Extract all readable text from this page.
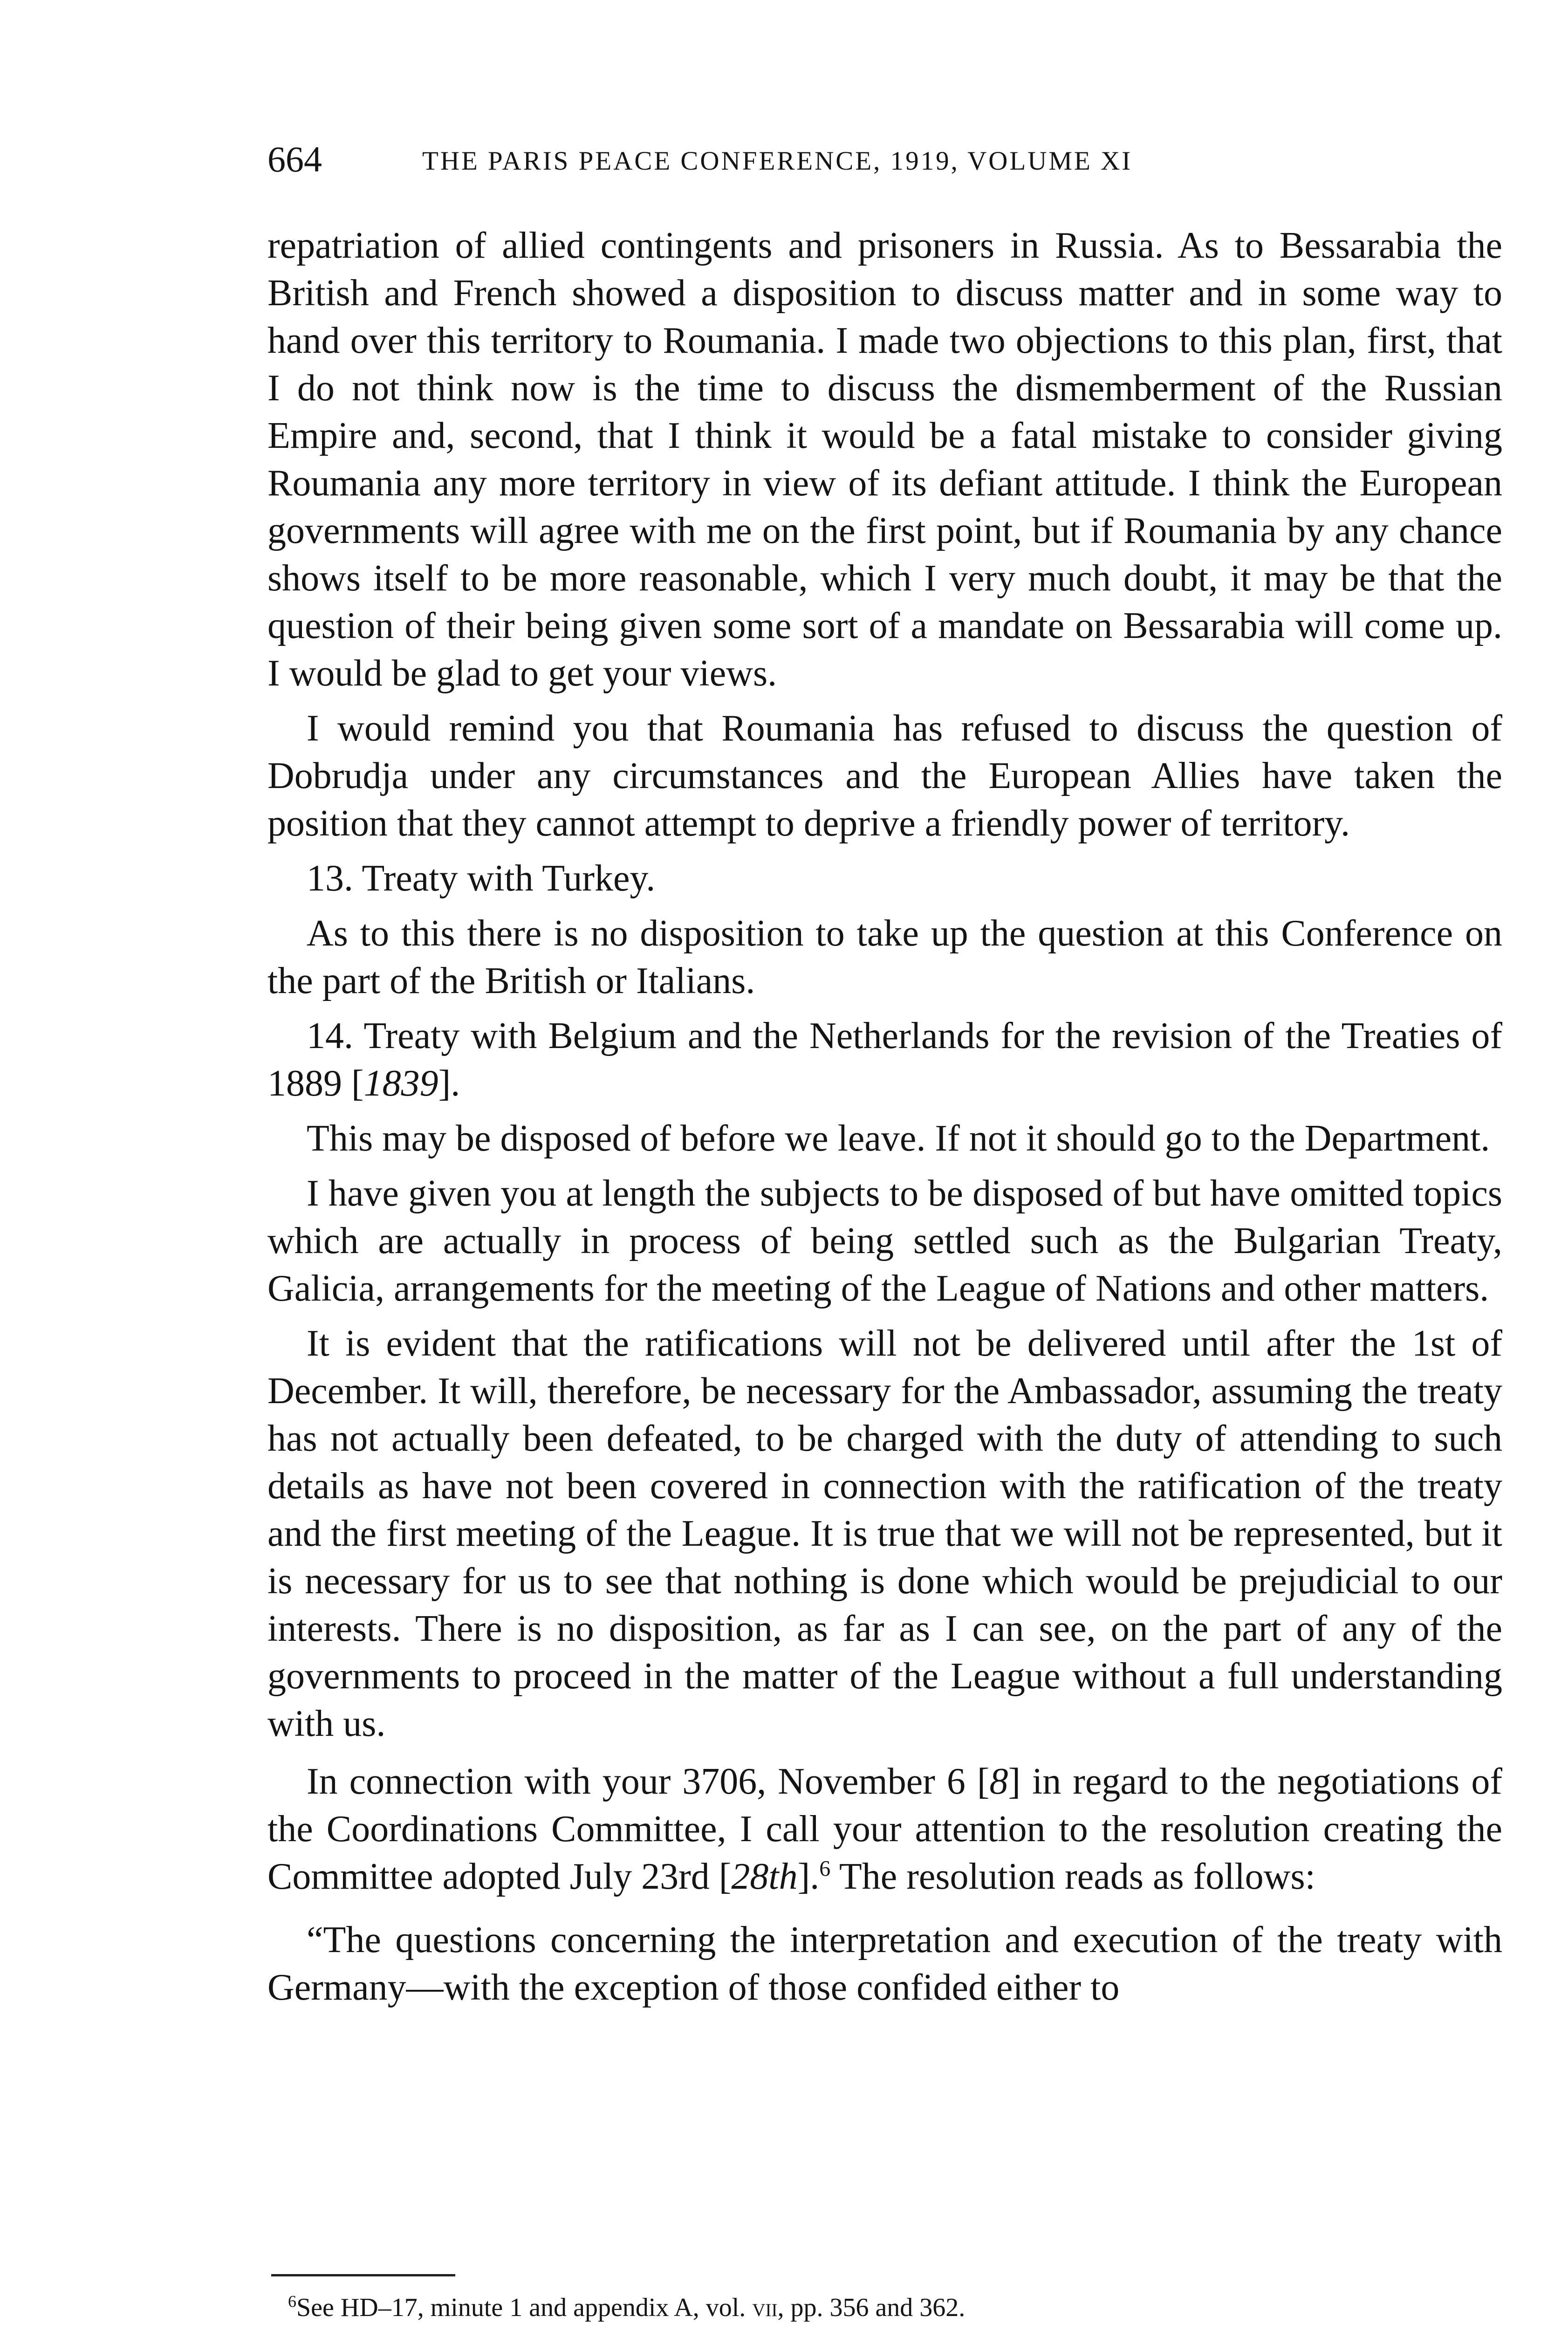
664	THE PARIS PEACE CONFERENCE, 1919, VOLUME XI

repatriation of allied contingents and prisoners in Russia. As to Bessarabia the British and French showed a disposition to discuss matter and in some way to hand over this territory to Roumania. I made two objections to this plan, first, that I do not think now is the time to discuss the dismemberment of the Russian Empire and, second, that I think it would be a fatal mistake to consider giving Roumania any more territory in view of its defiant attitude. I think the European governments will agree with me on the first point, but if Roumania by any chance shows itself to be more reasonable, which I very much doubt, it may be that the question of their being given some sort of a mandate on Bessarabia will come up. I would be glad to get your views.

I would remind you that Roumania has refused to discuss the question of Dobrudja under any circumstances and the European Allies have taken the position that they cannot attempt to deprive a friendly power of territory.

13. Treaty with Turkey.

As to this there is no disposition to take up the question at this Conference on the part of the British or Italians.

14. Treaty with Belgium and the Netherlands for the revision of the Treaties of 1889 [1839].

This may be disposed of before we leave. If not it should go to the Department.

I have given you at length the subjects to be disposed of but have omitted topics which are actually in process of being settled such as the Bulgarian Treaty, Galicia, arrangements for the meeting of the League of Nations and other matters.

It is evident that the ratifications will not be delivered until after the 1st of December. It will, therefore, be necessary for the Ambassador, assuming the treaty has not actually been defeated, to be charged with the duty of attending to such details as have not been covered in connection with the ratification of the treaty and the first meeting of the League. It is true that we will not be represented, but it is necessary for us to see that nothing is done which would be prejudicial to our interests. There is no disposition, as far as I can see, on the part of any of the governments to proceed in the matter of the League without a full understanding with us.

In connection with your 3706, November 6 [8] in regard to the negotiations of the Coordinations Committee, I call your attention to the resolution creating the Committee adopted July 23rd [28th].$^6$ The resolution reads as follows:

“The questions concerning the interpretation and execution of the treaty with Germany—with the exception of those confided either to

$^6$See HD–17, minute 1 and appendix A, vol. vii, pp. 356 and 362.
